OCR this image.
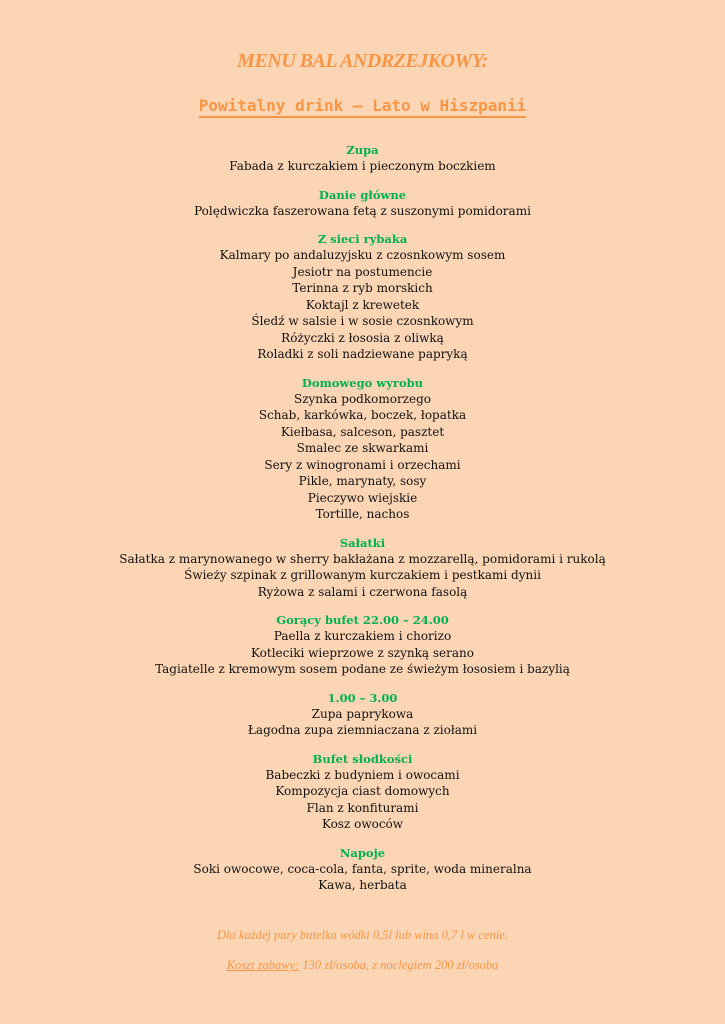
MENU BAL ANDRZEJKOWY:
Powitalny drink – Lato w Hiszpanii
Zupa
Fabada z kurczakiem i pieczonym boczkiem
Danie główne
Polędwiczka faszerowana fetą z suszonymi pomidorami
Z sieci rybaka
Kalmary po andaluzyjsku z czosnkowym sosem
Jesiotr na postumencie
Terinna z ryb morskich
Koktajl z krewetek
Śledź w salsie i w sosie czosnkowym
Różyczki z łososia z oliwką
Roladki z soli nadziewane papryką
Domowego wyrobu
Szynka podkomorzego
Schab, karkówka, boczek, łopatka
Kiełbasa, salceson, pasztet
Smalec ze skwarkami
Sery z winogronami i orzechami
Pikle, marynaty, sosy
Pieczywo wiejskie
Tortille, nachos
Sałatki
Sałatka z marynowanego w sherry bakłażana z mozzarellą, pomidorami i rukolą
Świeży szpinak z grillowanym kurczakiem i pestkami dynii
Ryżowa z salami i czerwona fasolą
Gorący bufet 22.00 – 24.00
Paella z kurczakiem i chorizo
Kotleciki wieprzowe z szynką serano
Tagiatelle z kremowym sosem podane ze świeżym łososiem i bazylią
1.00 – 3.00
Zupa paprykowa
Łagodna zupa ziemniaczana z ziołami
Bufet słodkości
Babeczki z budyniem i owocami
Kompozycja ciast domowych
Flan z konfiturami
Kosz owoców
Napoje
Soki owocowe, coca-cola, fanta, sprite, woda mineralna
Kawa, herbata
Dla każdej pary butelka wódki 0,5l lub wina 0,7 l w cenie.
Koszt zabawy: 130 zł/osoba, z noclegiem 200 zł/osoba
